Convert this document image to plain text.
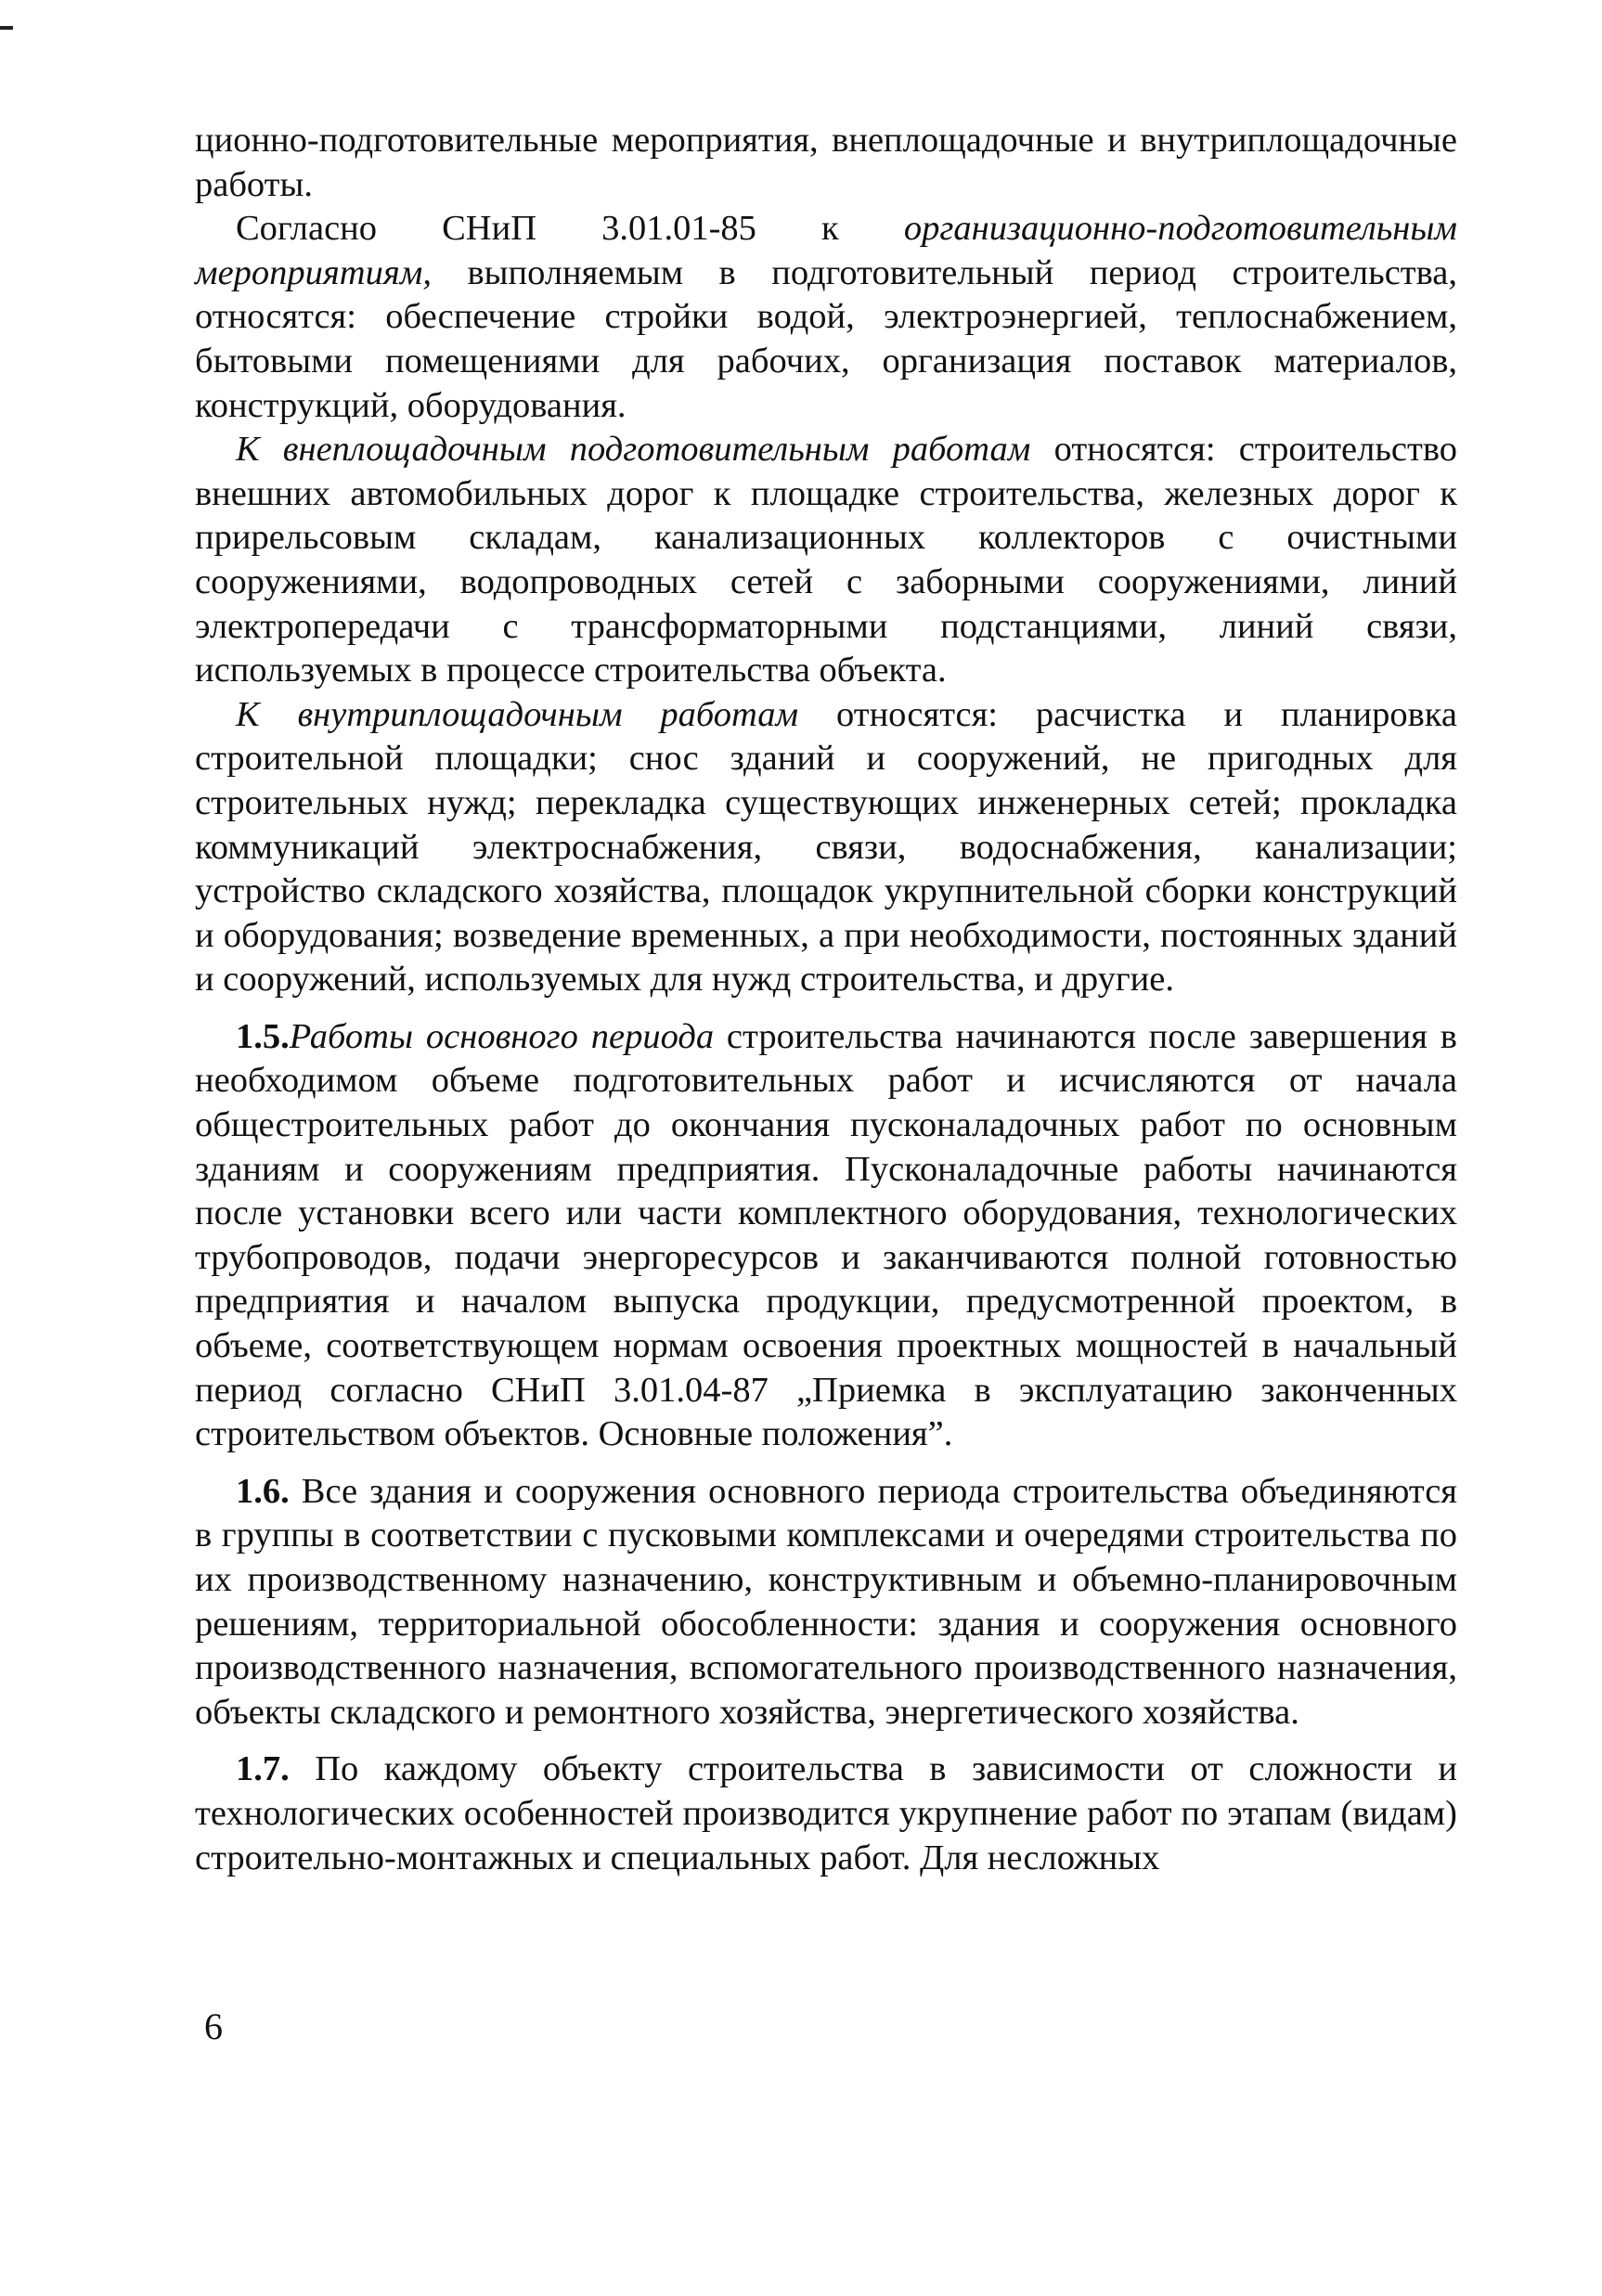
ционно-подготовительные мероприятия, внеплощадочные и внутриплощадочные работы.

Согласно СНиП 3.01.01-85 к организационно-подготовительным мероприятиям, выполняемым в подготовительный период строительства, относятся: обеспечение стройки водой, электроэнергией, теплоснабжением, бытовыми помещениями для рабочих, организация поставок материалов, конструкций, оборудования.

К внеплощадочным подготовительным работам относятся: строительство внешних автомобильных дорог к площадке строительства, железных дорог к прирельсовым складам, канализационных коллекторов с очистными сооружениями, водопроводных сетей с заборными сооружениями, линий электропередачи с трансформаторными подстанциями, линий связи, используемых в процессе строительства объекта.

К внутриплощадочным работам относятся: расчистка и планировка строительной площадки; снос зданий и сооружений, не пригодных для строительных нужд; перекладка существующих инженерных сетей; прокладка коммуникаций электроснабжения, связи, водоснабжения, канализации; устройство складского хозяйства, площадок укрупнительной сборки конструкций и оборудования; возведение временных, а при необходимости, постоянных зданий и сооружений, используемых для нужд строительства, и другие.

1.5.Работы основного периода строительства начинаются после завершения в необходимом объеме подготовительных работ и исчисляются от начала общестроительных работ до окончания пусконаладочных работ по основным зданиям и сооружениям предприятия. Пусконаладочные работы начинаются после установки всего или части комплектного оборудования, технологических трубопроводов, подачи энергоресурсов и заканчиваются полной готовностью предприятия и началом выпуска продукции, предусмотренной проектом, в объеме, соответствующем нормам освоения проектных мощностей в начальный период согласно СНиП 3.01.04-87 „Приемка в эксплуатацию законченных строительством объектов. Основные положения”.

1.6. Все здания и сооружения основного периода строительства объединяются в группы в соответствии с пусковыми комплексами и очередями строительства по их производственному назначению, конструктивным и объемно-планировочным решениям, территориальной обособленности: здания и сооружения основного производственного назначения, вспомогательного производственного назначения, объекты складского и ремонтного хозяйства, энергетического хозяйства.

1.7. По каждому объекту строительства в зависимости от сложности и технологических особенностей производится укрупнение работ по этапам (видам) строительно-монтажных и специальных работ. Для несложных

6
